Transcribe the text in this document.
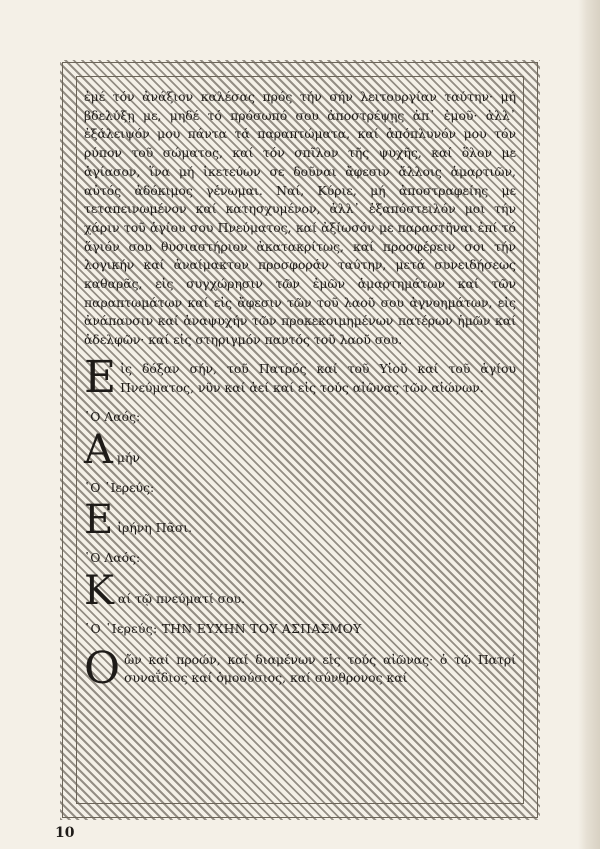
ἐμέ τόν ἀνάξιον καλέσας πρός τήν σήν λειτουργίαν ταύτην· μή βδελύξῃ με, μηδέ τό πρόσωπό σου ἀποστρέψῃς ἀπ᾿ ἐμοῦ· ἀλλ᾿ ἐξάλειψόν μου πάντα τά παραπτώματα, καί ἀπόπλυνόν μου τόν ρύπον τοῦ σώματος, καί τόν σπῖλον τῆς ψυχῆς, καί ὅλον με ἁγίασον, ἵνα μή ἱκετεύων σε δοῦναι ἄφεσιν ἄλλοις ἁμαρτιῶν, αὐτός ἀδόκιμος γένωμαι. Ναί, Κύριε, μή ἀποστραφείης με τεταπεινωμένον καί κατησχυμένον, ἀλλ᾿ ἐξαπόστειλόν μοι τήν χάριν τοῦ ἁγίου σου Πνεύματος, καί ἀξίωσόν με παραστῆναι ἐπί τό ἅγιόν σου θυσιαστήριον ἀκατακρίτως, καί προσφέρειν σοι τήν λογικήν καί ἀναίμακτον προσφοράν ταύτην, μετά συνειδήσεως καθαρᾶς, εἰς συγχώρησιν τῶν ἐμῶν ἁμαρτημάτων καί τῶν παραπτωμάτων καί εἰς ἄφεσιν τῶν τοῦ λαοῦ σου ἀγνοημάτων, εἰς ἀνάπαυσιν καί ἀναψυχήν τῶν προκεκοιμημένων πατέρων ἡμῶν καί ἀδελφῶν· καί εἰς στηριγμόν παντός τοῦ λαοῦ σου.

Ε ἰς δόξαν σήν, τοῦ Πατρός καί τοῦ Υἱοῦ καί τοῦ ἁγίου Πνεύματος, νῦν καί ἀεί καί εἰς τούς αἰῶνας τῶν αἰώνων.

῾Ο Λαός:

Α μήν

῾Ο ῾Ιερεύς:

Ε ἰρήνη Πᾶσι.

῾Ο Λαός:

Κ αί τῷ πνεύματί σου.

῾Ο ῾Ιερεύς: ΤΗΝ ΕΥΧΗΝ ΤΟΥ ΑΣΠΑΣΜΟΥ

Ο ὤν καί προών, καί διαμένων εἰς τούς αἰῶνας· ὁ τῷ Πατρί συναΐδιος καί ὁμοούσιος, καί σύνθρονος καί

10
